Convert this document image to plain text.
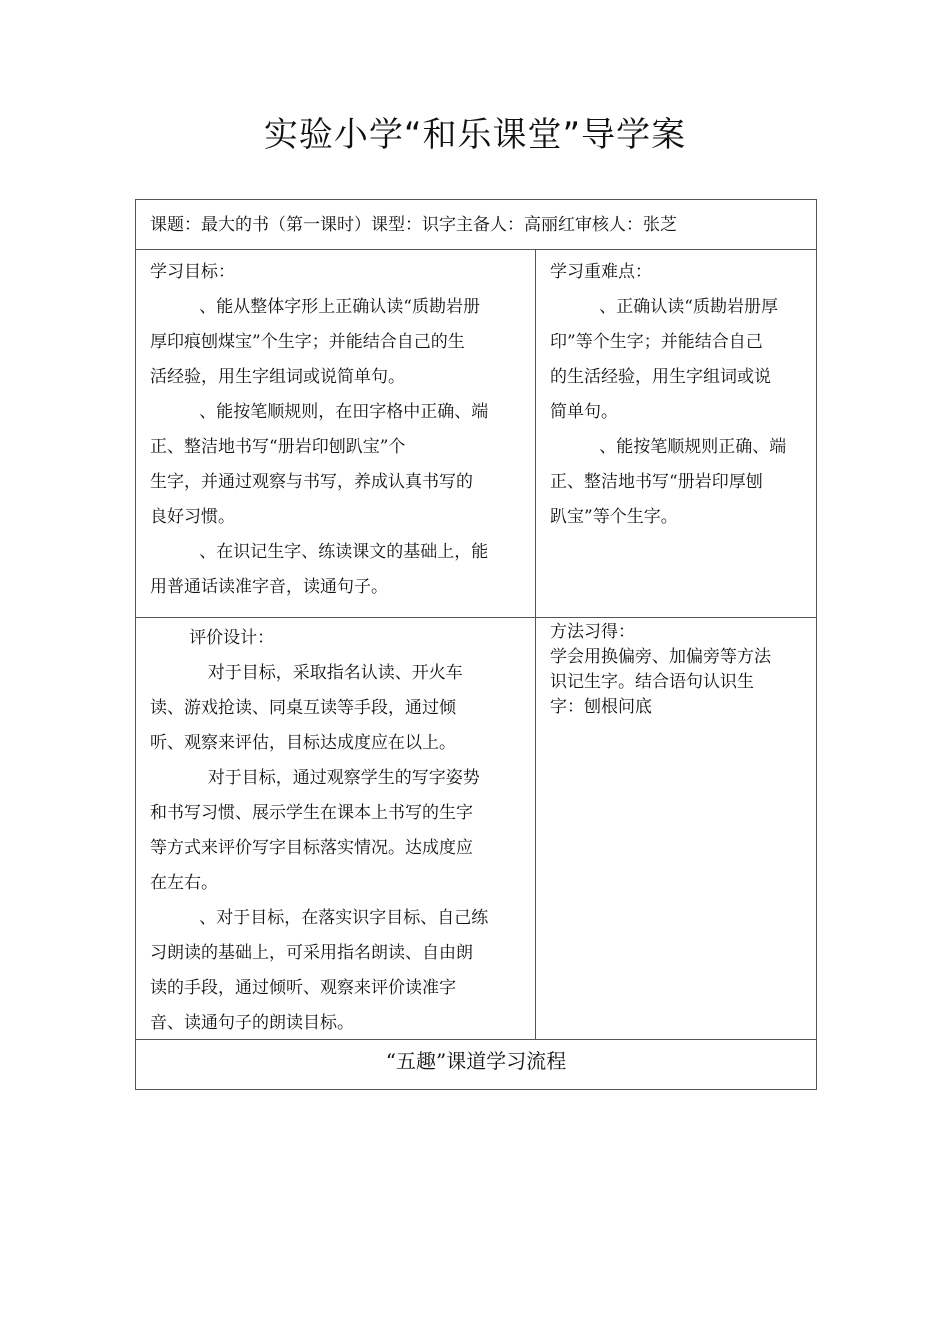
实验小学“和乐课堂”导学案
课题：最大的书（第一课时）课型：识字主备人：高丽红审核人：张芝

学习目标：

、能从整体字形上正确认读“质勘岩册

厚印痕刨煤宝”个生字；并能结合自己的生

活经验，用生字组词或说简单句。

、能按笔顺规则，在田字格中正确、端

正、整洁地书写“册岩印刨趴宝”个

生字，并通过观察与书写，养成认真书写的

良好习惯。

、在识记生字、练读课文的基础上，能

用普通话读准字音，读通句子。

学习重难点：

、正确认读“质勘岩册厚

印”等个生字；并能结合自己

的生活经验，用生字组词或说

简单句。

、能按笔顺规则正确、端

正、整洁地书写“册岩印厚刨

趴宝”等个生字。

评价设计：

对于目标，采取指名认读、开火车

读、游戏抢读、同桌互读等手段，通过倾

听、观察来评估，目标达成度应在以上。

对于目标，通过观察学生的写字姿势

和书写习惯、展示学生在课本上书写的生字

等方式来评价写字目标落实情况。达成度应

在左右。

、对于目标，在落实识字目标、自己练

习朗读的基础上，可采用指名朗读、自由朗

读的手段，通过倾听、观察来评价读准字

音、读通句子的朗读目标。

方法习得：

学会用换偏旁、加偏旁等方法

识记生字。结合语句认识生

字：刨根问底

“五趣”课道学习流程
